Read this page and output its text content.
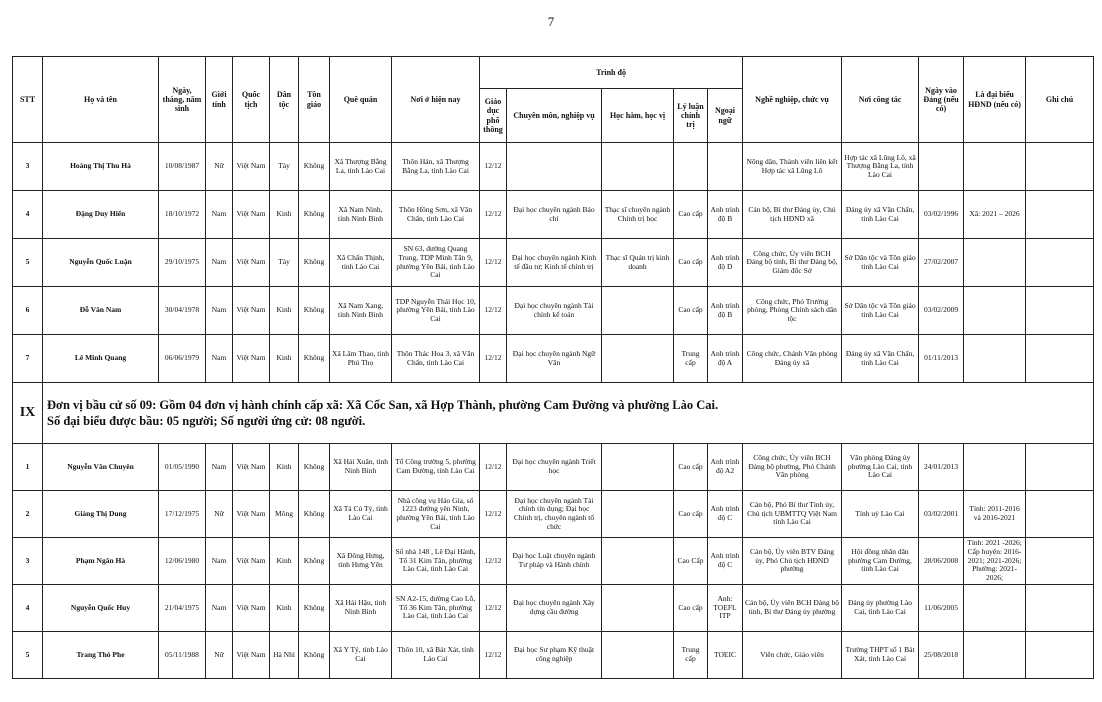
7
STT	Họ và tên	Ngày, tháng, năm sinh	Giới tính	Quốc tịch	Dân tộc	Tôn giáo	Quê quán	Nơi ở hiện nay	Trình độ					Nghề nghiệp, chức vụ	Nơi công tác	Ngày vào Đảng (nếu có)	Là đại biểu HĐND (nếu có)	Ghi chú
									Giáo dục phổ thông	Chuyên môn, nghiệp vụ	Học hàm, học vị	Lý luận chính trị	Ngoại ngữ					
3	Hoàng Thị Thu Hà	10/08/1987	Nữ	Việt Nam	Tày	Không	Xã Thượng Bằng La, tỉnh Lào Cai	Thôn Hán, xã Thượng Bằng La, tỉnh Lào Cai	12/12					Nông dân, Thành viên liên kết Hợp tác xã Lũng Lô	Hợp tác xã Lũng Lô, xã Thượng Bằng La, tỉnh Lào Cai			
4	Đặng Duy Hiển	18/10/1972	Nam	Việt Nam	Kinh	Không	Xã Nam Ninh, tỉnh Ninh Bình	Thôn Hồng Sơn, xã Văn Chấn, tỉnh Lào Cai	12/12	Đại học chuyên ngành Báo chí	Thạc sĩ chuyên ngành Chính trị học	Cao cấp	Anh trình độ B	Cán bộ, Bí thư Đảng ủy, Chủ tịch HĐND xã	Đảng ủy xã Văn Chấn, tỉnh Lào Cai	03/02/1996	Xã: 2021 – 2026	
5	Nguyễn Quốc Luận	29/10/1975	Nam	Việt Nam	Tày	Không	Xã Chấn Thịnh, tỉnh Lào Cai	SN 63, đường Quang Trung, TDP Minh Tân 9, phường Yên Bái, tỉnh Lào Cai	12/12	Đại học chuyên ngành Kinh tế đầu tư; Kinh tế chính trị	Thạc sĩ Quản trị kinh doanh	Cao cấp	Anh trình độ D	Công chức, Ủy viên BCH Đảng bộ tỉnh, Bí thư Đảng bộ, Giám đốc Sở	Sở Dân tộc và Tôn giáo tỉnh Lào Cai	27/02/2007		
6	Đỗ Văn Nam	30/04/1978	Nam	Việt Nam	Kinh	Không	Xã Nam Xang, tỉnh Ninh Bình	TDP Nguyễn Thái Học 10, phường Yên Bái, tỉnh Lào Cai	12/12	Đại học chuyên ngành Tài chính kế toán		Cao cấp	Anh trình độ B	Công chức, Phó Trưởng phòng, Phòng Chính sách dân tộc	Sở Dân tộc và Tôn giáo tỉnh Lào Cai	03/02/2009		
7	Lê Minh Quang	06/06/1979	Nam	Việt Nam	Kinh	Không	Xã Lâm Thao, tỉnh Phú Thọ	Thôn Thác Hoa 3, xã Văn Chấn, tỉnh Lào Cai	12/12	Đại học chuyên ngành Ngữ Văn		Trung cấp	Anh trình độ A	Công chức, Chánh Văn phòng Đảng ủy xã	Đảng ủy xã Văn Chấn, tỉnh Lào Cai	01/11/2013		
IX	Đơn vị bầu cử số 09: Gồm 04 đơn vị hành chính cấp xã: Xã Cốc San, xã Hợp Thành, phường Cam Đường và phường Lào Cai.
Số đại biểu được bầu: 05 người; Số người ứng cử: 08 người.																	

1	Nguyễn Văn Chuyên	01/05/1990	Nam	Việt Nam	Kinh	Không	Xã Hải Xuân, tỉnh Ninh Bình	Tổ Công trường 5, phường Cam Đường, tỉnh Lào Cai	12/12	Đại học chuyên ngành Triết học		Cao cấp	Anh trình độ A2	Công chức, Ủy viên BCH Đảng bộ phường, Phó Chánh Văn phòng	Văn phòng Đảng ủy phường Lào Cai, tỉnh Lào Cai	24/01/2013		
2	Giàng Thị Dung	17/12/1975	Nữ	Việt Nam	Mông	Không	Xã Tả Củ Tỷ, tỉnh Lào Cai	Nhà công vụ Hảo Gia, số 1223 đường yên Ninh, phường Yên Bái, tỉnh Lào Cai	12/12	Đại học chuyên ngành Tài chính tín dụng; Đại học Chính trị, chuyên ngành tổ chức		Cao cấp	Anh trình độ C	Cán bộ, Phó Bí thư Tỉnh ủy, Chủ tịch UBMTTQ Việt Nam tỉnh Lào Cai	Tỉnh uỷ Lào Cai	03/02/2001	Tỉnh: 2011-2016 và 2016-2021	
3	Phạm Ngân Hà	12/06/1980	Nam	Việt Nam	Kinh	Không	Xã Đông Hưng, tỉnh Hưng Yên	Số nhà 148 , Lê Đại Hành, Tổ 31 Kim Tân, phường Lào Cai, tỉnh Lào Cai	12/12	Đại học Luật chuyên ngành Tư pháp và Hành chính		Cao Cấp	Anh trình độ C	Cán bộ, Ủy viên BTV Đảng ủy, Phó Chủ tịch HĐND phường	Hội đồng nhân dân phường Cam Đường, tỉnh Lào Cai	28/06/2008	Tỉnh: 2021 -2026; Cấp huyện: 2016-2021; 2021-2026; Phường: 2021-2026;	
4	Nguyễn Quốc Huy	21/04/1975	Nam	Việt Nam	Kinh	Không	Xã Hải Hậu, tỉnh Ninh Bình	SN A2-15, đường Cao Lỗ, Tổ 36 Kim Tân, phường Lào Cai, tỉnh Lào Cai	12/12	Đại học chuyên ngành Xây dựng cầu đường		Cao cấp	Anh: TOEFL ITP	Cán bộ, Ủy viên BCH Đảng bộ tỉnh, Bí thư Đảng ủy phường	Đảng ủy phường Lào Cai, tỉnh Lào Cai	11/06/2005		
5	Trang Thó Phe	05/11/1988	Nữ	Việt Nam	Hà Nhì	Không	Xã Y Tý, tỉnh Lào Cai	Thôn 10, xã Bát Xát, tỉnh Lào Cai	12/12	Đại học Sư phạm Kỹ thuật công nghiệp		Trung cấp	TOEIC	Viên chức, Giáo viên	Trường THPT số 1 Bát Xát, tỉnh Lào Cai	25/08/2018		
